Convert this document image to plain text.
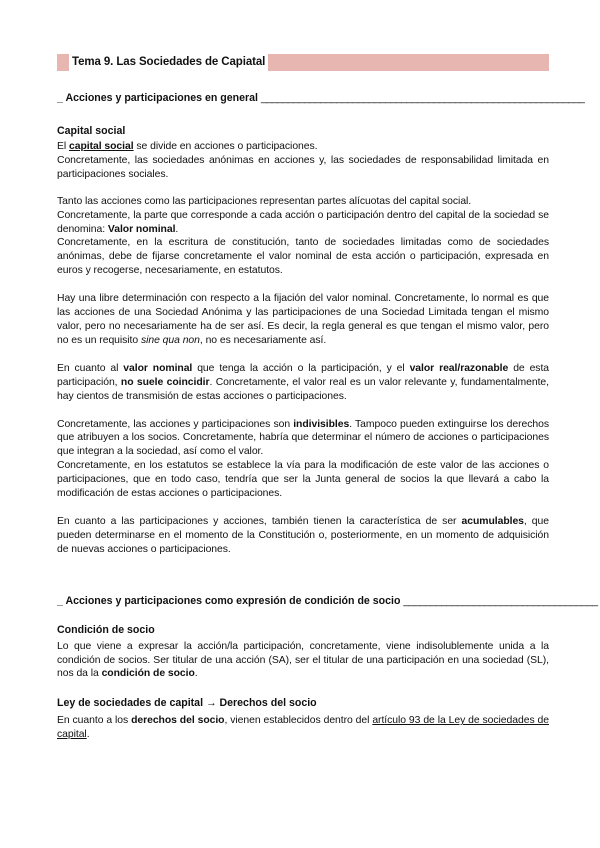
Tema 9. Las Sociedades de Capiatal
_ Acciones y participaciones en general ____________________________________________________________
Capital social

El capital social se divide en acciones o participaciones.

Concretamente, las sociedades anónimas en acciones y, las sociedades de responsabilidad limitada en participaciones sociales.

Tanto las acciones como las participaciones representan partes alícuotas del capital social.

Concretamente, la parte que corresponde a cada acción o participación dentro del capital de la sociedad se denomina: Valor nominal.

Concretamente, en la escritura de constitución, tanto de sociedades limitadas como de sociedades anónimas, debe de fijarse concretamente el valor nominal de esta acción o participación, expresada en euros y recogerse, necesariamente, en estatutos.

Hay una libre determinación con respecto a la fijación del valor nominal. Concretamente, lo normal es que las acciones de una Sociedad Anónima y las participaciones de una Sociedad Limitada tengan el mismo valor, pero no necesariamente ha de ser así. Es decir, la regla general es que tengan el mismo valor, pero no es un requisito sine qua non, no es necesariamente así.

En cuanto al valor nominal que tenga la acción o la participación, y el valor real/razonable de esta participación, no suele coincidir. Concretamente, el valor real es un valor relevante y, fundamentalmente, hay cientos de transmisión de estas acciones o participaciones.

Concretamente, las acciones y participaciones son indivisibles. Tampoco pueden extinguirse los derechos que atribuyen a los socios. Concretamente, habría que determinar el número de acciones o participaciones que integran a la sociedad, así como el valor.

Concretamente, en los estatutos se establece la vía para la modificación de este valor de las acciones o participaciones, que en todo caso, tendría que ser la Junta general de socios la que llevará a cabo la modificación de estas acciones o participaciones.

En cuanto a las participaciones y acciones, también tienen la característica de ser acumulables, que pueden determinarse en el momento de la Constitución o, posteriormente, en un momento de adquisición de nuevas acciones o participaciones.

_ Acciones y participaciones como expresión de condición de socio ____________________________________
Condición de socio

Lo que viene a expresar la acción/la participación, concretamente, viene indisolublemente unida a la condición de socios. Ser titular de una acción (SA), ser el titular de una participación en una sociedad (SL), nos da la condición de socio.

Ley de sociedades de capital → Derechos del socio

En cuanto a los derechos del socio, vienen establecidos dentro del artículo 93 de la Ley de sociedades de capital.
